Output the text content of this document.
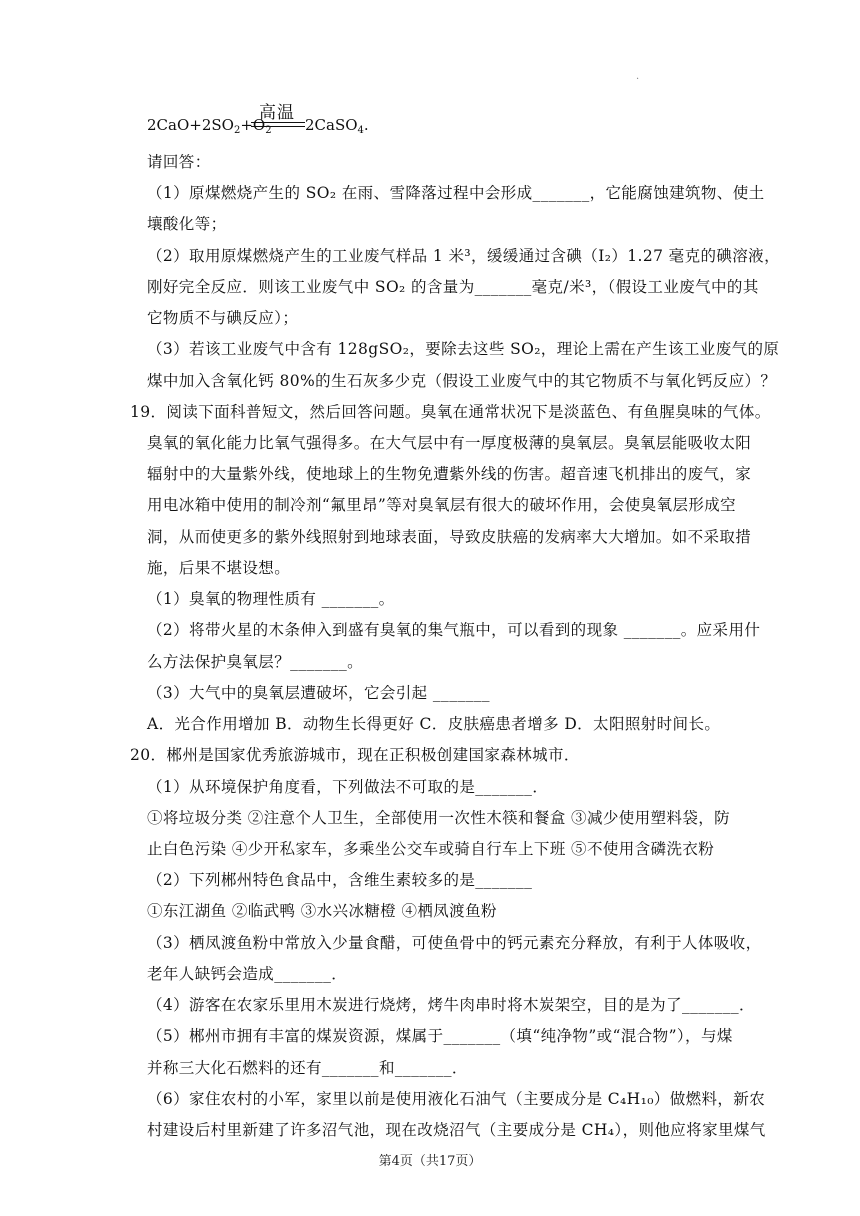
·
高温
$2CaO+2SO_2+O_2$ 2CaSO$_4$.
请回答：
（1）原煤燃烧产生的 SO₂ 在雨、雪降落过程中会形成_______，它能腐蚀建筑物、使土
壤酸化等；
（2）取用原煤燃烧产生的工业废气样品 1 米³，缓缓通过含碘（I₂）1.27 毫克的碘溶液，
刚好完全反应．则该工业废气中 SO₂ 的含量为_______毫克/米³，（假设工业废气中的其
它物质不与碘反应）；
（3）若该工业废气中含有 128gSO₂，要除去这些 SO₂，理论上需在产生该工业废气的原
煤中加入含氧化钙 80%的生石灰多少克（假设工业废气中的其它物质不与氧化钙反应）？
19．阅读下面科普短文，然后回答问题。臭氧在通常状况下是淡蓝色、有鱼腥臭味的气体。
臭氧的氧化能力比氧气强得多。在大气层中有一厚度极薄的臭氧层。臭氧层能吸收太阳
辐射中的大量紫外线，使地球上的生物免遭紫外线的伤害。超音速飞机排出的废气，家
用电冰箱中使用的制冷剂“氟里昂”等对臭氧层有很大的破坏作用，会使臭氧层形成空
洞，从而使更多的紫外线照射到地球表面，导致皮肤癌的发病率大大增加。如不采取措
施，后果不堪设想。
（1）臭氧的物理性质有 _______。
（2）将带火星的木条伸入到盛有臭氧的集气瓶中，可以看到的现象 _______。应采用什
么方法保护臭氧层？_______。
（3）大气中的臭氧层遭破坏，它会引起 _______
A．光合作用增加 B．动物生长得更好 C．皮肤癌患者增多 D．太阳照射时间长。
20．郴州是国家优秀旅游城市，现在正积极创建国家森林城市．
（1）从环境保护角度看，下列做法不可取的是_______．
①将垃圾分类 ②注意个人卫生，全部使用一次性木筷和餐盒 ③减少使用塑料袋，防
止白色污染 ④少开私家车，多乘坐公交车或骑自行车上下班 ⑤不使用含磷洗衣粉
（2）下列郴州特色食品中，含维生素较多的是_______
①东江湖鱼 ②临武鸭 ③水兴冰糖橙 ④栖凤渡鱼粉
（3）栖凤渡鱼粉中常放入少量食醋，可使鱼骨中的钙元素充分释放，有利于人体吸收，
老年人缺钙会造成_______．
（4）游客在农家乐里用木炭进行烧烤，烤牛肉串时将木炭架空，目的是为了_______．
（5）郴州市拥有丰富的煤炭资源，煤属于_______（填“纯净物”或“混合物”），与煤
并称三大化石燃料的还有_______和_______．
第4页（共17页）
（6）家住农村的小军，家里以前是使用液化石油气（主要成分是 C₄H₁₀）做燃料，新农
村建设后村里新建了许多沼气池，现在改烧沼气（主要成分是 CH₄），则他应将家里煤气
